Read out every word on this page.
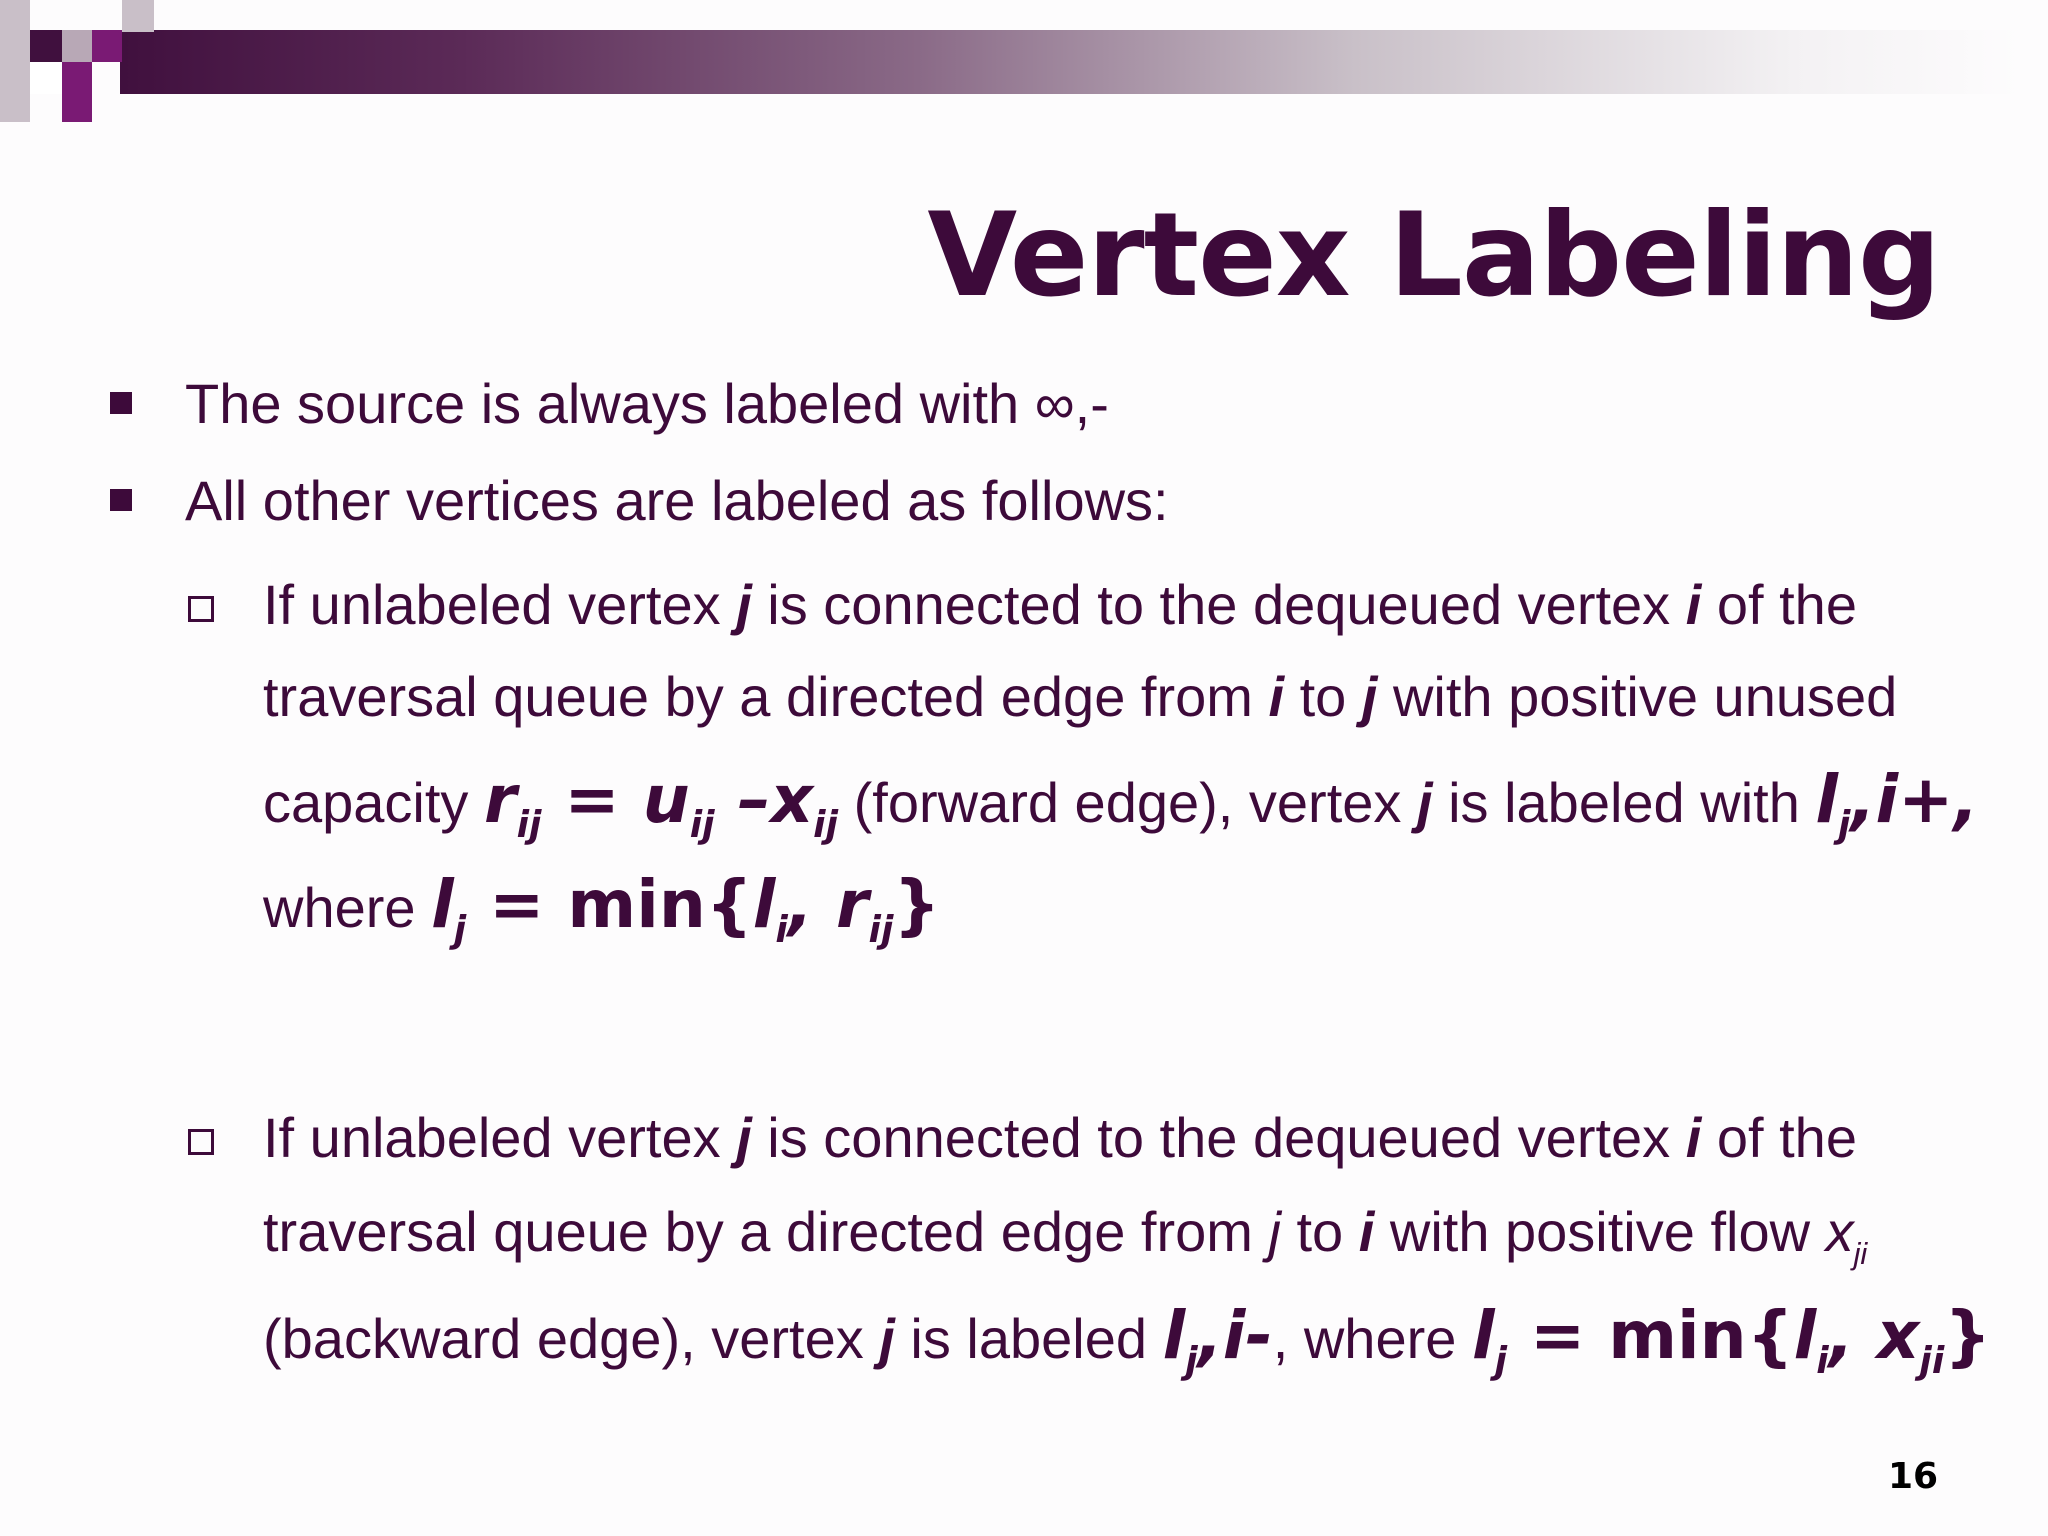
Vertex Labeling
The source is always labeled with ∞,-
All other vertices are labeled as follows:
If unlabeled vertex j is connected to the dequeued vertex i of the
traversal queue by a directed edge from i to j with positive unused
capacity $r_{ij} = u_{ij}$ $-x_{ij}$ (forward edge), vertex j is labeled with $l_j,i+$,
where $l_j = \min\{l_i$, $r_{ij}$}
If unlabeled vertex j is connected to the dequeued vertex i of the
traversal queue by a directed edge from j to i with positive flow $x_{ji}$
(backward edge), vertex j is labeled $l_j,i-$, where $l_j = \min\{l_i$, $x_{ji}$}
16
